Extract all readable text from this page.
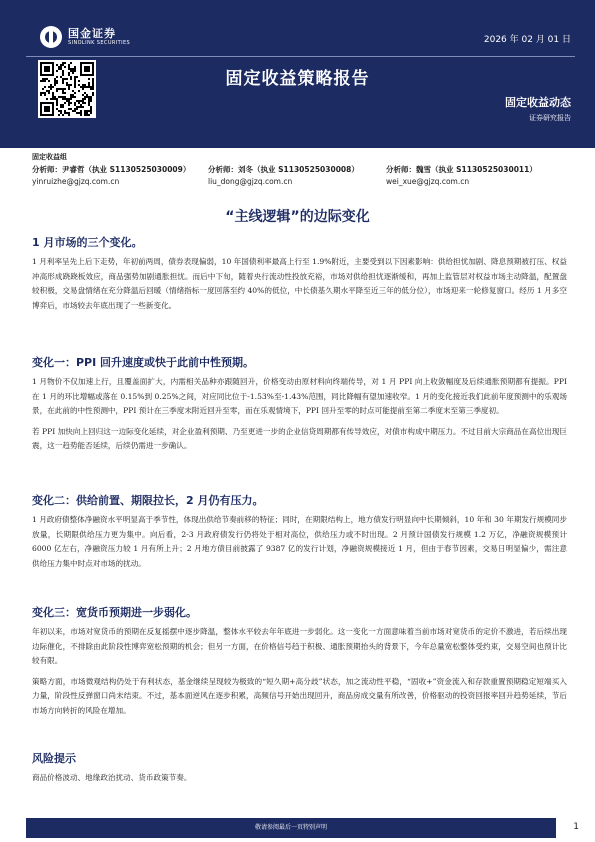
国金证券
SINOLINK SECURITIES	2026 年 02 月 01 日
固定收益策略报告
固定收益动态
证券研究报告
固定收益组
分析师：尹睿哲（执业 S1130525030009）
yinruizhe@gjzq.com.cn
分析师：刘冬（执业 S1130525030008）
liu_dong@gjzq.com.cn
分析师：魏雪（执业 S1130525030011）
wei_xue@gjzq.com.cn
“主线逻辑”的边际变化
1 月市场的三个变化。

1 月利率呈先上后下走势，年初前两周，债券表现偏弱，10 年国债利率最高上行至 1.9%附近，主要受到以下因素影响：供给担忧加剧、降息预期被打压、权益冲高形成跷跷板效应，商品强势加剧通胀担忧。而后中下旬，随着央行流动性投放充裕，市场对供给担忧逐渐缓和，再加上监管层对权益市场主动降温，配置盘较积极，交易盘情绪在充分降温后回暖（情绪指标一度回落至约 40%的低位，中长债基久期水平降至近三年的低分位），市场迎来一轮修复窗口。经历 1 月多空博弈后，市场较去年底出现了一些新变化。

变化一：PPI 回升速度或快于此前中性预期。

1 月物价不仅加速上行，且覆盖面扩大，内需相关品种亦跟随回升，价格变动由原材料向终端传导，对 1 月 PPI 向上收敛幅度及后续通胀预期都有提振。PPI 在 1 月的环比增幅或落在 0.15%到 0.25%之间，对应同比位于-1.53%至-1.43%范围，同比降幅有望加速收窄。1 月的变化接近我们此前年度预测中的乐观场景，在此前的中性预测中，PPI 预计在三季度末附近回升至零，而在乐观情境下，PPI 回升至零的时点可能提前至第二季度末至第三季度初。

若 PPI 加快向上回归这一边际变化延续，对企业盈利预期、乃至更进一步的企业信贷周期都有传导效应，对债市构成中期压力。不过目前大宗商品在高位出现巨震，这一趋势能否延续，后续仍需进一步确认。

变化二：供给前置、期限拉长，2 月仍有压力。

1 月政府债整体净融资水平明显高于季节性，体现出供给节奏前移的特征；同时，在期限结构上，地方债发行明显向中长期倾斜，10 年和 30 年期发行规模同步放量，长期限供给压力更为集中。向后看，2-3 月政府债发行仍将处于相对高位，供给压力或不时出现。2 月预计国债发行规模 1.2 万亿，净融资规模预计 6000 亿左右，净融资压力较 1 月有所上升；2 月地方债目前披露了 9387 亿的发行计划，净融资规模接近 1 月，但由于春节因素，交易日明显偏少，需注意供给压力集中时点对市场的扰动。

变化三：宽货币预期进一步弱化。

年初以来，市场对宽货币的预期在反复摇摆中逐步降温，整体水平较去年年底进一步弱化。这一变化一方面意味着当前市场对宽货币的定价不激进，若后续出现边际催化，不排除由此阶段性博弈宽松预期的机会；但另一方面，在价格信号趋于积极、通胀预期抬头的背景下，今年总量宽松整体受约束，交易空间也预计比较有限。

策略方面，市场微观结构仍处于有利状态，基金继续呈现较为极致的“短久期+高分歧”状态，加之流动性平稳，“固收+”资金流入和存款重置预期稳定短端买入力量，阶段性反弹窗口尚未结束。不过，基本面逆风在逐步积累，高频信号开始出现回升，商品房成交量有所改善，价格驱动的投资回报率回升趋势延续，节后市场方向转折的风险在增加。

风险提示

商品价格波动、地缘政治扰动、货币政策节奏。

敬请参阅最后一页特别声明	1
